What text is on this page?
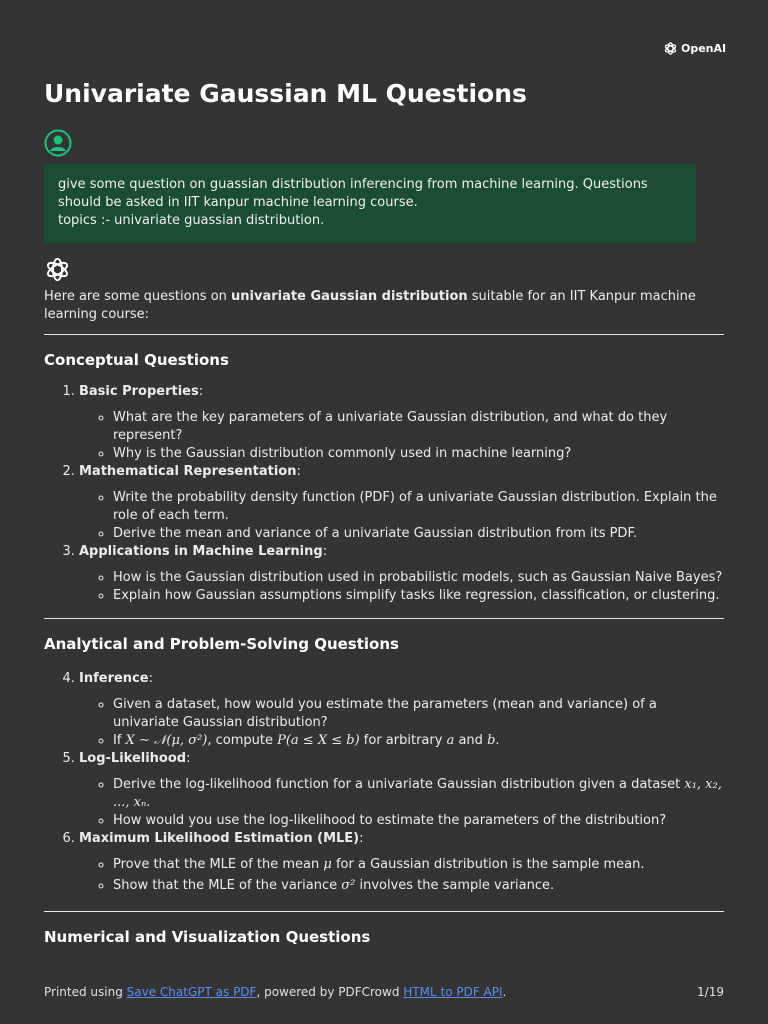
OpenAI
Univariate Gaussian ML Questions
give some question on guassian distribution inferencing from machine learning. Questions should be asked in IIT kanpur machine learning course.
topics :- univariate guassian distribution.

Here are some questions on univariate Gaussian distribution suitable for an IIT Kanpur machine learning course:

Conceptual Questions
1. Basic Properties:
◦ What are the key parameters of a univariate Gaussian distribution, and what do they represent?
◦ Why is the Gaussian distribution commonly used in machine learning?
2. Mathematical Representation:
◦ Write the probability density function (PDF) of a univariate Gaussian distribution. Explain the role of each term.
◦ Derive the mean and variance of a univariate Gaussian distribution from its PDF.
3. Applications in Machine Learning:
◦ How is the Gaussian distribution used in probabilistic models, such as Gaussian Naive Bayes?
◦ Explain how Gaussian assumptions simplify tasks like regression, classification, or clustering.
Analytical and Problem-Solving Questions
4. Inference:
◦ Given a dataset, how would you estimate the parameters (mean and variance) of a univariate Gaussian distribution?
◦ If X ∼ 𝒩(μ, σ²), compute P(a ≤ X ≤ b) for arbitrary a and b.
5. Log-Likelihood:
◦ Derive the log-likelihood function for a univariate Gaussian distribution given a dataset x₁, x₂, ..., xₙ.
◦ How would you use the log-likelihood to estimate the parameters of the distribution?
6. Maximum Likelihood Estimation (MLE):
◦ Prove that the MLE of the mean μ for a Gaussian distribution is the sample mean.
◦ Show that the MLE of the variance σ² involves the sample variance.
Numerical and Visualization Questions
Printed using Save ChatGPT as PDF, powered by PDFCrowd HTML to PDF API.	1/19
